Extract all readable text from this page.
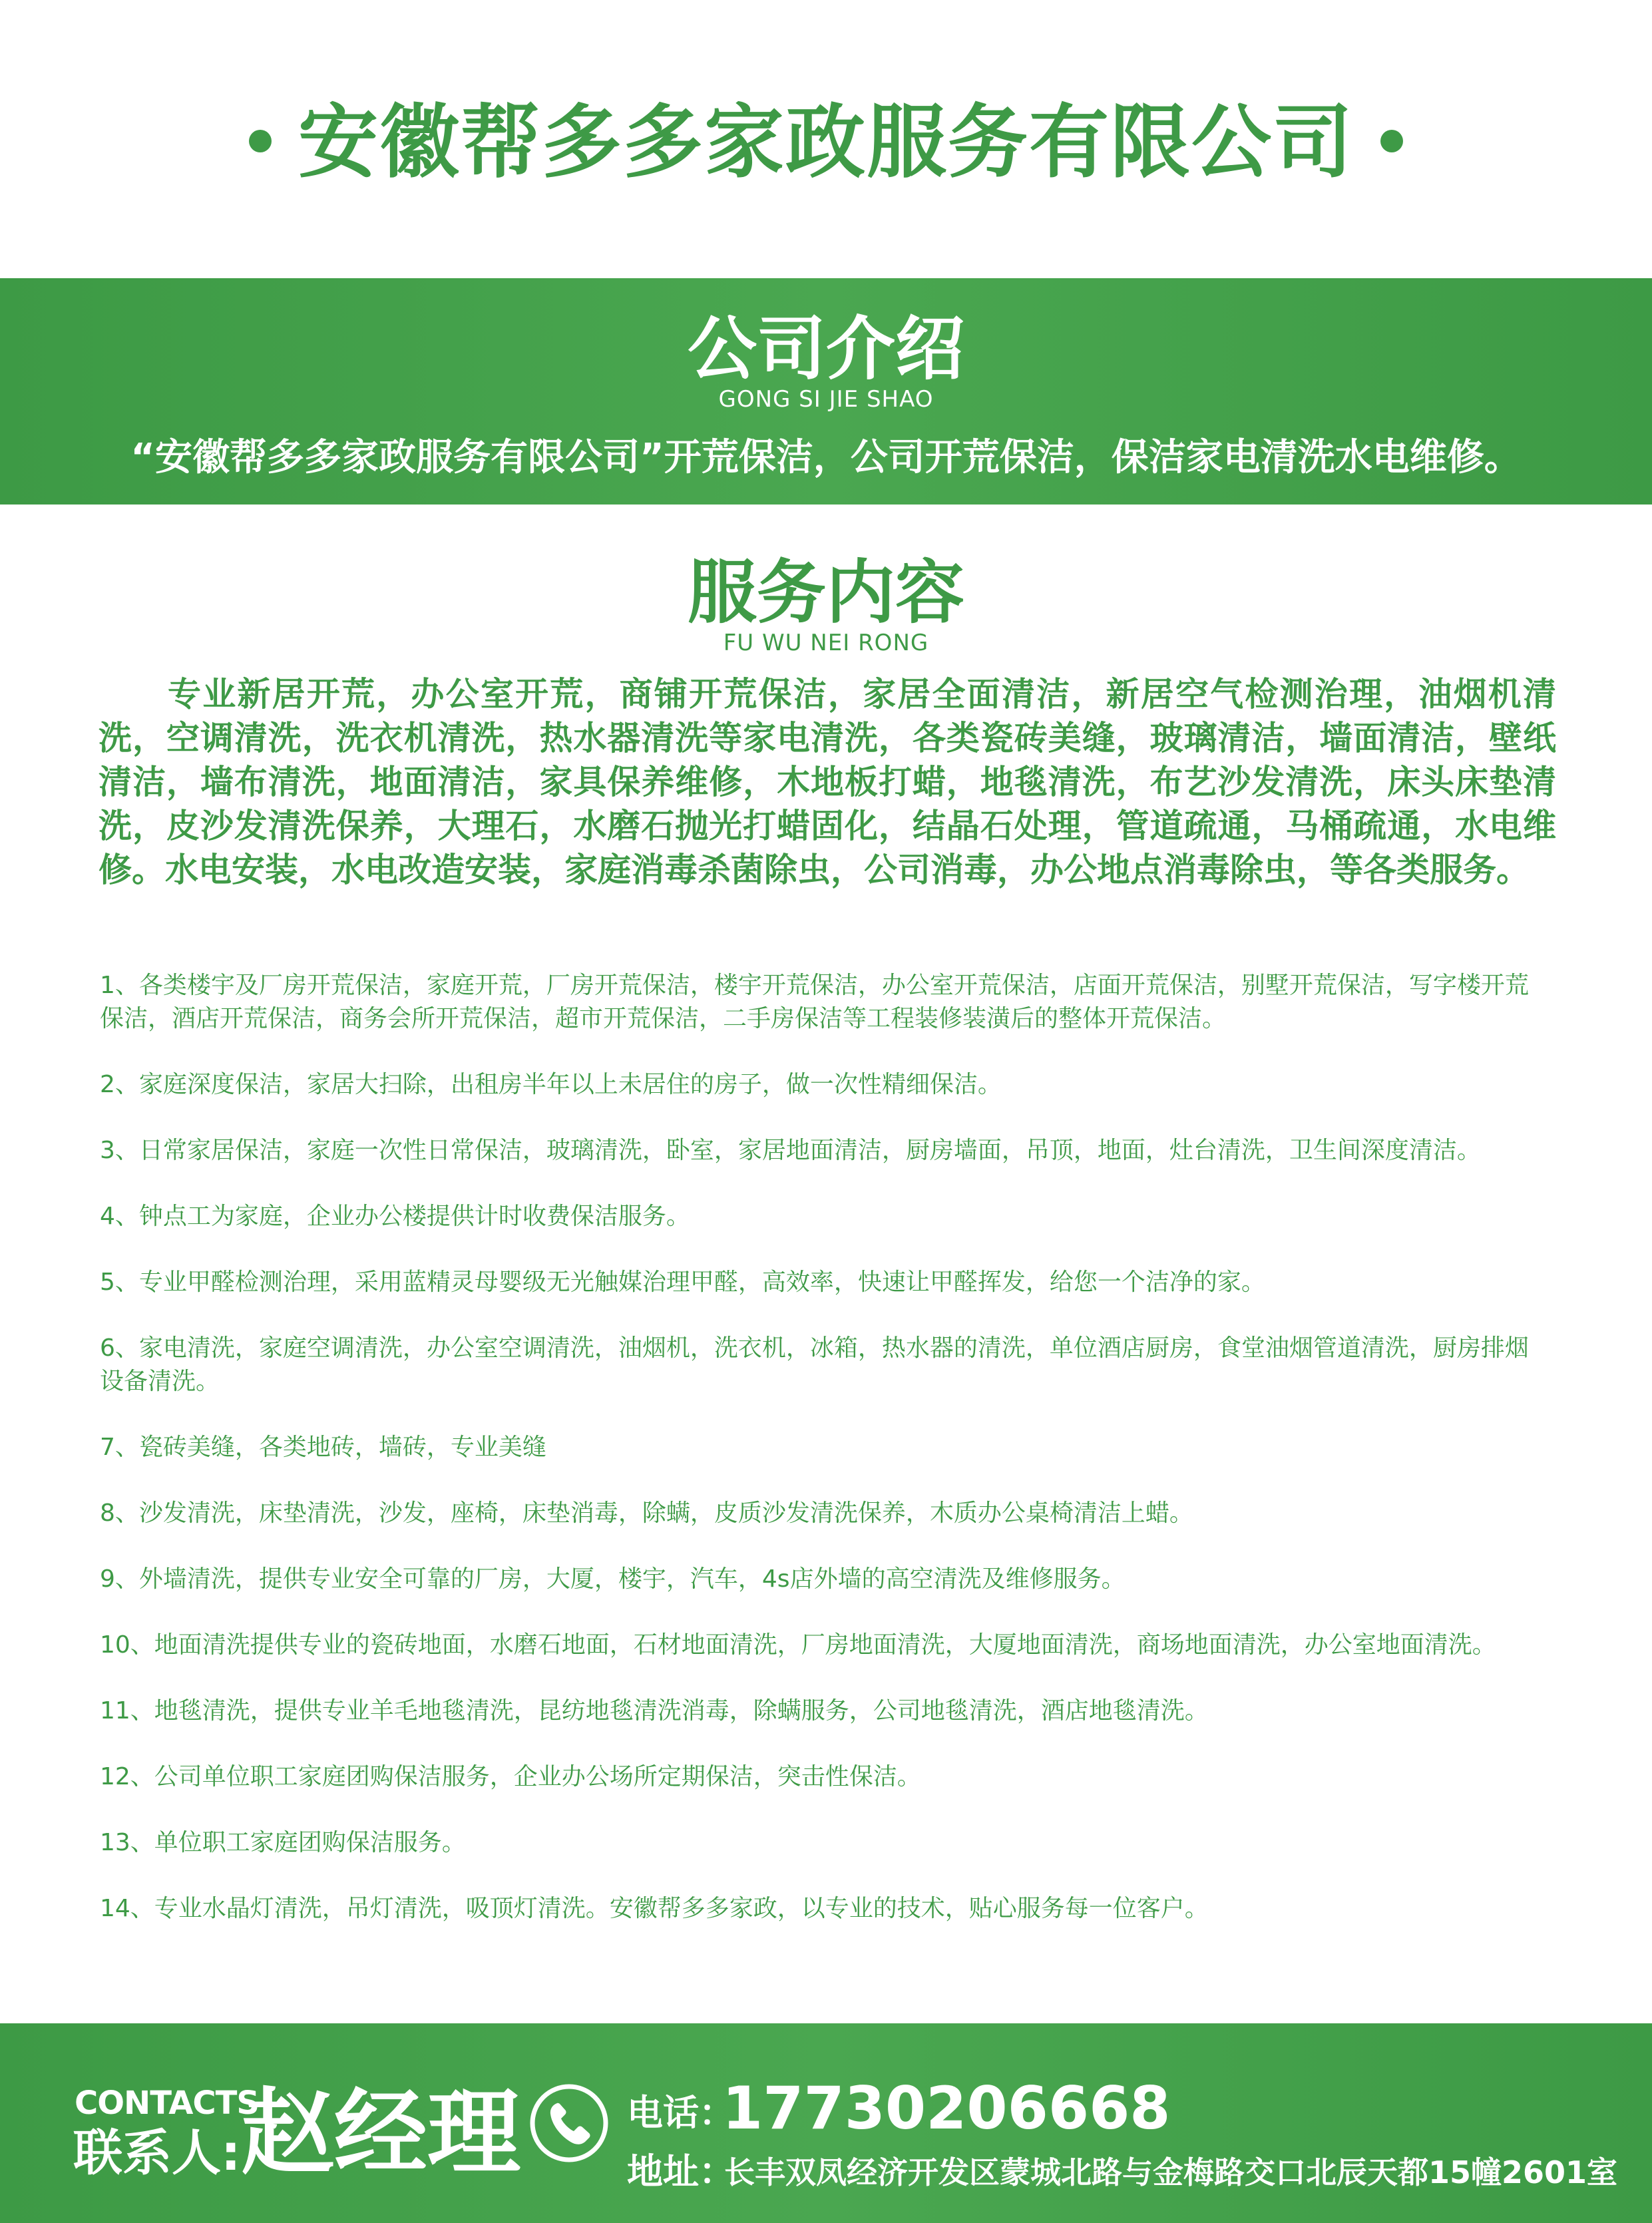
安徽帮多多家政服务有限公司
公司介绍
GONG SI JIE SHAO
“安徽帮多多家政服务有限公司”开荒保洁，公司开荒保洁，保洁家电清洗水电维修。
服务内容
FU WU NEI RONG

专业新居开荒，办公室开荒，商铺开荒保洁，家居全面清洁，新居空气检测治理，油烟机清洗，空调清洗，洗衣机清洗，热水器清洗等家电清洗，各类瓷砖美缝，玻璃清洁，墙面清洁，壁纸清洁，墙布清洗，地面清洁，家具保养维修，木地板打蜡，地毯清洗，布艺沙发清洗，床头床垫清洗，皮沙发清洗保养，大理石，水磨石抛光打蜡固化，结晶石处理，管道疏通，马桶疏通，水电维修。水电安装，水电改造安装，家庭消毒杀菌除虫，公司消毒，办公地点消毒除虫，等各类服务。

1、各类楼宇及厂房开荒保洁，家庭开荒，厂房开荒保洁，楼宇开荒保洁，办公室开荒保洁，店面开荒保洁，别墅开荒保洁，写字楼开荒保洁，酒店开荒保洁，商务会所开荒保洁，超市开荒保洁，二手房保洁等工程装修装潢后的整体开荒保洁。
2、家庭深度保洁，家居大扫除，出租房半年以上未居住的房子，做一次性精细保洁。
3、日常家居保洁，家庭一次性日常保洁，玻璃清洗，卧室，家居地面清洁，厨房墙面，吊顶，地面，灶台清洗，卫生间深度清洁。
4、钟点工为家庭，企业办公楼提供计时收费保洁服务。
5、专业甲醛检测治理，采用蓝精灵母婴级无光触媒治理甲醛，高效率，快速让甲醛挥发，给您一个洁净的家。
6、家电清洗，家庭空调清洗，办公室空调清洗，油烟机，洗衣机，冰箱，热水器的清洗，单位酒店厨房，食堂油烟管道清洗，厨房排烟设备清洗。
7、瓷砖美缝，各类地砖，墙砖，专业美缝
8、沙发清洗，床垫清洗，沙发，座椅，床垫消毒，除螨，皮质沙发清洗保养，木质办公桌椅清洁上蜡。
9、外墙清洗，提供专业安全可靠的厂房，大厦，楼宇，汽车，4s店外墙的高空清洗及维修服务。
10、地面清洗提供专业的瓷砖地面，水磨石地面，石材地面清洗，厂房地面清洗，大厦地面清洗，商场地面清洗，办公室地面清洗。
11、地毯清洗，提供专业羊毛地毯清洗，昆纺地毯清洗消毒，除螨服务，公司地毯清洗，酒店地毯清洗。
12、公司单位职工家庭团购保洁服务，企业办公场所定期保洁，突击性保洁。
13、单位职工家庭团购保洁服务。
14、专业水晶灯清洗，吊灯清洗，吸顶灯清洗。安徽帮多多家政，以专业的技术，贴心服务每一位客户。
CONTACTS
联系人: 赵经理	电话：
17730206668
地址：
长丰双凤经济开发区蒙城北路与金梅路交口北辰天都15幢2601室
